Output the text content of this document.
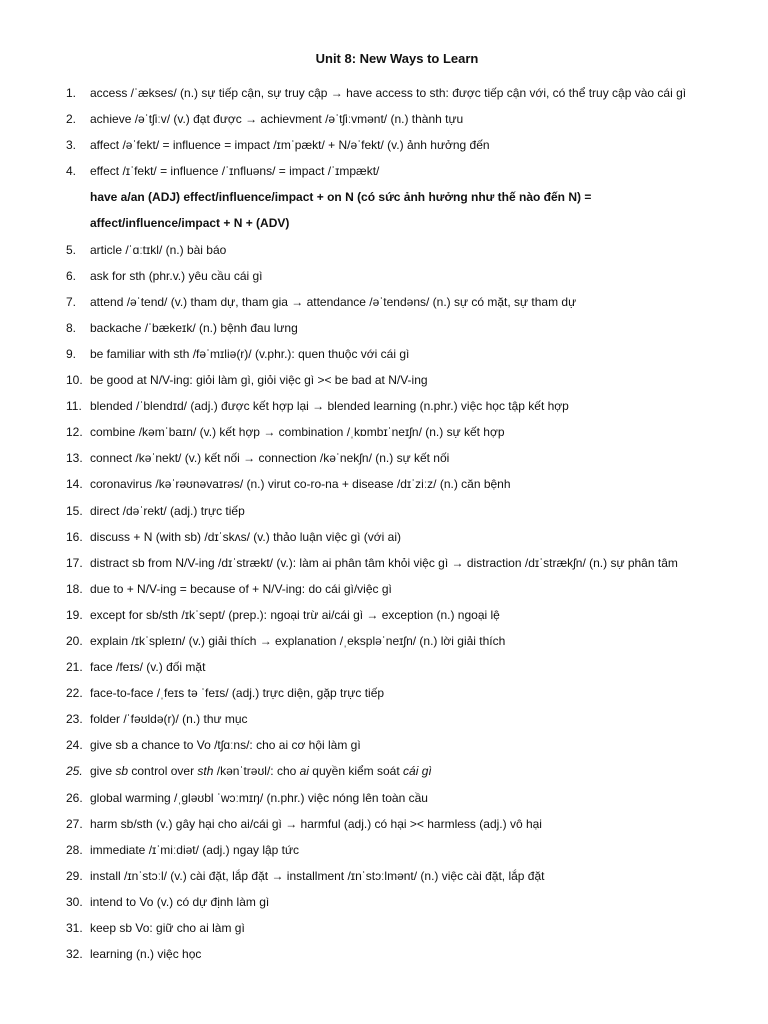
Unit 8: New Ways to Learn
1. access /ˈækses/ (n.) sự tiếp cận, sự truy cập → have access to sth: được tiếp cận với, có thể truy cập vào cái gì
2. achieve /əˈtʃiːv/ (v.) đạt được → achievment /əˈtʃiːvmənt/ (n.) thành tựu
3. affect /əˈfekt/ = influence = impact /ɪmˈpækt/ + N/əˈfekt/ (v.) ảnh hưởng đến
4. effect /ɪˈfekt/ = influence /ˈɪnfluəns/ = impact /ˈɪmpækt/
have a/an (ADJ) effect/influence/impact + on N (có sức ảnh hưởng như thế nào đến N) =
affect/influence/impact + N + (ADV)
5. article /ˈɑːtɪkl/ (n.) bài báo
6. ask for sth (phr.v.) yêu cầu cái gì
7. attend /əˈtend/ (v.) tham dự, tham gia → attendance /əˈtendəns/ (n.) sự có mặt, sự tham dự
8. backache /ˈbækeɪk/ (n.) bệnh đau lưng
9. be familiar with sth /fəˈmɪliə(r)/ (v.phr.): quen thuộc với cái gì
10. be good at N/V-ing: giỏi làm gì, giỏi việc gì >< be bad at N/V-ing
11. blended /ˈblendɪd/ (adj.) được kết hợp lại → blended learning (n.phr.) việc học tập kết hợp
12. combine /kəmˈbaɪn/ (v.) kết hợp → combination /ˌkɒmbɪˈneɪʃn/ (n.) sự kết hợp
13. connect /kəˈnekt/ (v.) kết nối → connection /kəˈnekʃn/ (n.) sự kết nối
14. coronavirus /kəˈrəʊnəvaɪrəs/ (n.) virut co-ro-na + disease /dɪˈziːz/ (n.) căn bệnh
15. direct /dəˈrekt/ (adj.) trực tiếp
16. discuss + N (with sb) /dɪˈskʌs/ (v.) thảo luận việc gì (với ai)
17. distract sb from N/V-ing /dɪˈstrækt/ (v.): làm ai phân tâm khỏi việc gì → distraction /dɪˈstrækʃn/ (n.) sự phân tâm
18. due to + N/V-ing = because of + N/V-ing: do cái gì/việc gì
19. except for sb/sth /ɪkˈsept/ (prep.): ngoại trừ ai/cái gì → exception (n.) ngoại lệ
20. explain /ɪkˈspleɪn/ (v.) giải thích → explanation /ˌekspləˈneɪʃn/ (n.) lời giải thích
21. face /feɪs/ (v.) đối mặt
22. face-to-face /ˌfeɪs tə ˈfeɪs/ (adj.) trực diện, gặp trực tiếp
23. folder /ˈfəʊldə(r)/ (n.) thư mục
24. give sb a chance to Vo /tʃɑːns/: cho ai cơ hội làm gì
25. give sb control over sth /kənˈtrəʊl/: cho ai quyền kiểm soát cái gì
26. global warming /ˌɡləʊbl ˈwɔːmɪŋ/ (n.phr.) việc nóng lên toàn cầu
27. harm sb/sth (v.) gây hại cho ai/cái gì → harmful (adj.) có hại >< harmless (adj.) vô hại
28. immediate /ɪˈmiːdiət/ (adj.) ngay lập tức
29. install /ɪnˈstɔːl/ (v.) cài đặt, lắp đặt → installment /ɪnˈstɔːlmənt/ (n.) việc cài đặt, lắp đặt
30. intend to Vo (v.) có dự định làm gì
31. keep sb Vo: giữ cho ai làm gì
32. learning (n.) việc học
